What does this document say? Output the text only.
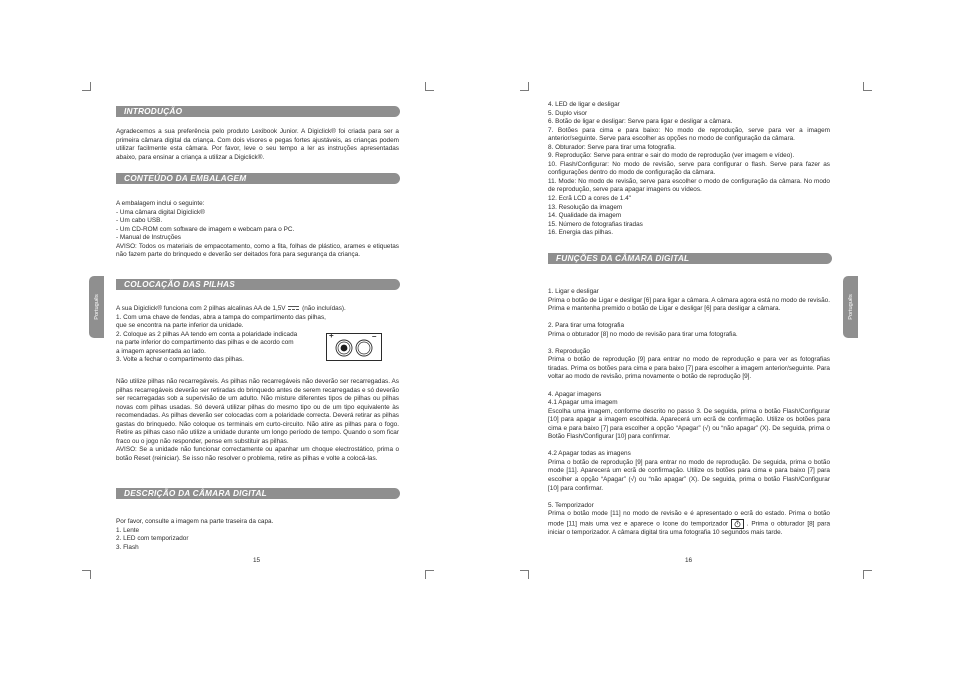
Português	Português
INTRODUÇÃO

Agradecemos a sua preferência pelo produto Lexibook Junior. A Digiclick® foi criada para ser a primeira câmara digital da criança. Com dois visores e pegas fortes ajustáveis, as crianças podem utilizar facilmente esta câmara. Por favor, leve o seu tempo a ler as instruções apresentadas abaixo, para ensinar a criança a utilizar a Digiclick®.

CONTEÚDO DA EMBALAGEM

A embalagem inclui o seguinte:

- Uma câmara digital Digiclick®

- Um cabo USB.

- Um CD-ROM com software de imagem e webcam para o PC.

- Manual de Instruções

AVISO: Todos os materiais de empacotamento, como a fita, folhas de plástico, arames e etiquetas não fazem parte do brinquedo e deverão ser deitados fora para segurança da criança.

COLOCAÇÃO DAS PILHAS

A sua Digiclick® funciona com 2 pilhas alcalinas AA de 1,5V	(não incluídas).

1. Com uma chave de fendas, abra a tampa do compartimento das pilhas,

que se encontra na parte inferior da unidade.

2. Coloque as 2 pilhas AA tendo em conta a polaridade indicada

na parte inferior do compartimento das pilhas e de acordo com

a imagem apresentada ao lado.

3. Volte a fechar o compartimento das pilhas.

+	–

Não utilize pilhas não recarregáveis. As pilhas não recarregáveis não deverão ser recarregadas. As pilhas recarregáveis deverão ser retiradas do brinquedo antes de serem recarregadas e só deverão ser recarregadas sob a supervisão de um adulto. Não misture diferentes tipos de pilhas ou pilhas novas com pilhas usadas. Só deverá utilizar pilhas do mesmo tipo ou de um tipo equivalente às recomendadas. As pilhas deverão ser colocadas com a polaridade correcta. Deverá retirar as pilhas gastas do brinquedo. Não coloque os terminais em curto-circuito. Não atire as pilhas para o fogo. Retire as pilhas caso não utilize a unidade durante um longo período de tempo. Quando o som ficar fraco ou o jogo não responder, pense em substituir as pilhas.

AVISO: Se a unidade não funcionar correctamente ou apanhar um choque electrostático, prima o botão Reset (reiniciar). Se isso não resolver o problema, retire as pilhas e volte a colocá-las.

DESCRIÇÃO DA CÂMARA DIGITAL

Por favor, consulte a imagem na parte traseira da capa.

1. Lente

2. LED com temporizador

3. Flash

15

4. LED de ligar e desligar

5. Duplo visor

6. Botão de ligar e desligar: Serve para ligar e desligar a câmara.

7. Botões para cima e para baixo: No modo de reprodução, serve para ver a imagem anterior/seguinte. Serve para escolher as opções no modo de configuração da câmara.

8. Obturador: Serve para tirar uma fotografia.

9. Reprodução: Serve para entrar e sair do modo de reprodução (ver imagem e vídeo).

10. Flash/Configurar: No modo de revisão, serve para configurar o flash. Serve para fazer as configurações dentro do modo de configuração da câmara.

11. Mode: No modo de revisão, serve para escolher o modo de configuração da câmara. No modo de reprodução, serve para apagar imagens ou vídeos.

12. Ecrã LCD a cores de 1.4"

13. Resolução da imagem

14. Qualidade da imagem

15. Número de fotografias tiradas

16. Energia das pilhas.

FUNÇÕES DA CÂMARA DIGITAL

1. Ligar e desligar

Prima o botão de Ligar e desligar [6] para ligar a câmara. A câmara agora está no modo de revisão. Prima e mantenha premido o botão de Ligar e desligar [6] para desligar a câmara.

2. Para tirar uma fotografia

Prima o obturador [8] no modo de revisão para tirar uma fotografia.

3. Reprodução

Prima o botão de reprodução [9] para entrar no modo de reprodução e para ver as fotografias tiradas. Prima os botões para cima e para baixo [7] para escolher a imagem anterior/seguinte. Para voltar ao modo de revisão, prima novamente o botão de reprodução [9].

4. Apagar imagens

4.1 Apagar uma imagem

Escolha uma imagem, conforme descrito no passo 3. De seguida, prima o botão Flash/Configurar [10] para apagar a imagem escolhida. Aparecerá um ecrã de confirmação. Utilize os botões para cima e para baixo [7] para escolher a opção “Apagar” (√) ou “não apagar” (X). De seguida, prima o Botão Flash/Configurar [10] para confirmar.

4.2 Apagar todas as imagens

Prima o botão de reprodução [9] para entrar no modo de reprodução. De seguida, prima o botão mode [11]. Aparecerá um ecrã de confirmação. Utilize os botões para cima e para baixo [7] para escolher a opção “Apagar” (√) ou “não apagar” (X). De seguida, prima o botão Flash/Configurar [10] para confirmar.

5. Temporizador

Prima o botão mode [11] no modo de revisão e é apresentado o ecrã do estado. Prima o botão mode [11] mais uma vez e aparece o ícone do temporizador	. Prima o obturador [8] para iniciar o temporizador. A câmara digital tira uma fotografia 10 segundos mais tarde.

16
